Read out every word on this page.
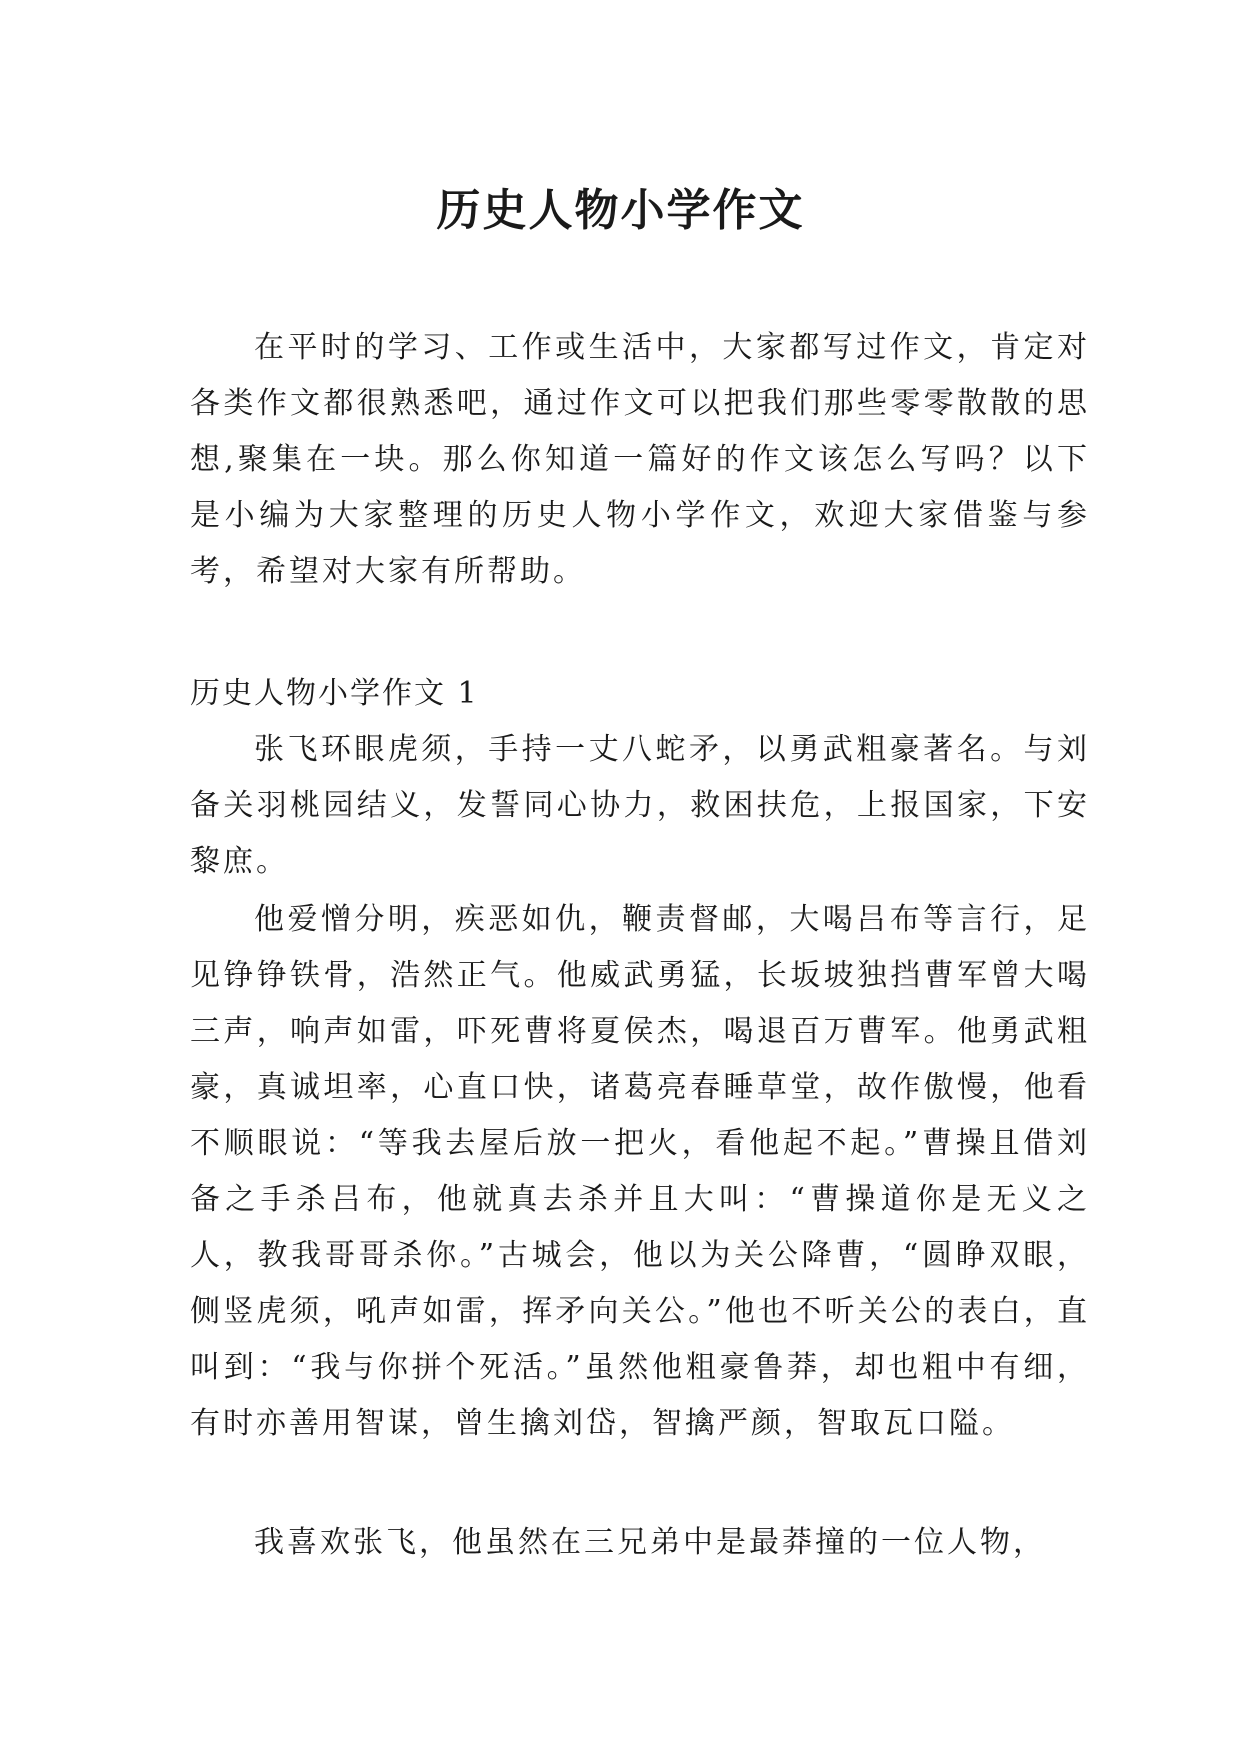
历史人物小学作文

在平时的学习、工作或生活中，大家都写过作文，肯定对各类作文都很熟悉吧，通过作文可以把我们那些零零散散的思想,聚集在一块。那么你知道一篇好的作文该怎么写吗？以下是小编为大家整理的历史人物小学作文，欢迎大家借鉴与参考，希望对大家有所帮助。

历史人物小学作文 1

张飞环眼虎须，手持一丈八蛇矛，以勇武粗豪著名。与刘备关羽桃园结义，发誓同心协力，救困扶危，上报国家，下安黎庶。

他爱憎分明，疾恶如仇，鞭责督邮，大喝吕布等言行，足见铮铮铁骨，浩然正气。他威武勇猛，长坂坡独挡曹军曾大喝三声，响声如雷，吓死曹将夏侯杰，喝退百万曹军。他勇武粗豪，真诚坦率，心直口快，诸葛亮春睡草堂，故作傲慢，他看不顺眼说：“等我去屋后放一把火，看他起不起。”曹操且借刘备之手杀吕布，他就真去杀并且大叫：“曹操道你是无义之人，教我哥哥杀你。”古城会，他以为关公降曹，“圆睁双眼，侧竖虎须，吼声如雷，挥矛向关公。”他也不听关公的表白，直叫到：“我与你拼个死活。”虽然他粗豪鲁莽，却也粗中有细，有时亦善用智谋，曾生擒刘岱，智擒严颜，智取瓦口隘。

我喜欢张飞，他虽然在三兄弟中是最莽撞的一位人物，
